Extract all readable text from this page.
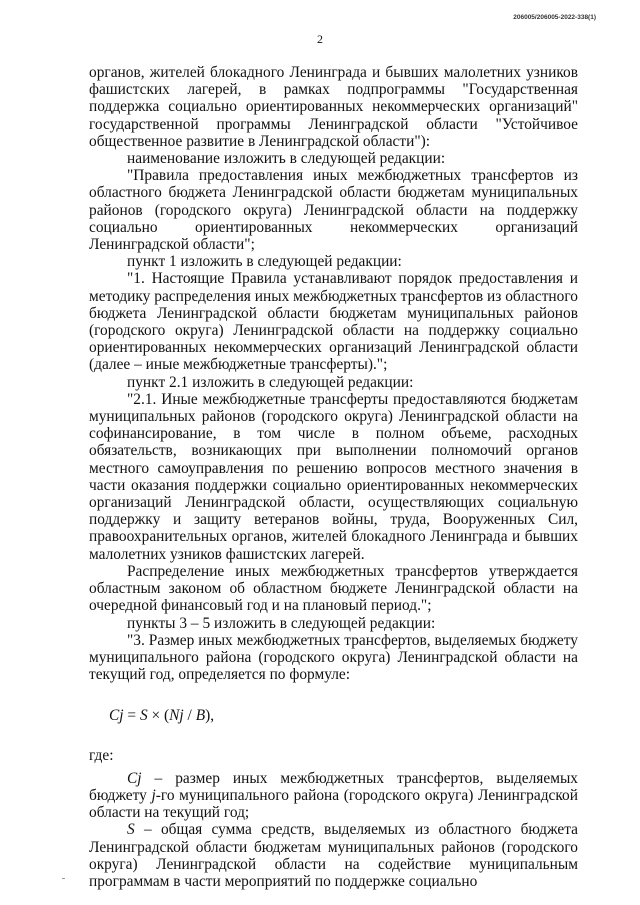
206005/206005-2022-338(1)
2

органов, жителей блокадного Ленинграда и бывших малолетних узников фашистских лагерей, в рамках подпрограммы "Государственная поддержка социально ориентированных некоммерческих организаций" государственной программы Ленинградской области "Устойчивое общественное развитие в Ленинградской области"):

наименование изложить в следующей редакции:

"Правила предоставления иных межбюджетных трансфертов из областного бюджета Ленинградской области бюджетам муниципальных районов (городского округа) Ленинградской области на поддержку социально ориентированных некоммерческих организаций Ленинградской области";

пункт 1 изложить в следующей редакции:

"1. Настоящие Правила устанавливают порядок предоставления и методику распределения иных межбюджетных трансфертов из областного бюджета Ленинградской области бюджетам муниципальных районов (городского округа) Ленинградской области на поддержку социально ориентированных некоммерческих организаций Ленинградской области (далее – иные межбюджетные трансферты).";

пункт 2.1 изложить в следующей редакции:

"2.1. Иные межбюджетные трансферты предоставляются бюджетам муниципальных районов (городского округа) Ленинградской области на софинансирование, в том числе в полном объеме, расходных обязательств, возникающих при выполнении полномочий органов местного самоуправления по решению вопросов местного значения в части оказания поддержки социально ориентированных некоммерческих организаций Ленинградской области, осуществляющих социальную поддержку и защиту ветеранов войны, труда, Вооруженных Сил, правоохранительных органов, жителей блокадного Ленинграда и бывших малолетних узников фашистских лагерей.

Распределение иных межбюджетных трансфертов утверждается областным законом об областном бюджете Ленинградской области на очередной финансовый год и на плановый период.";

пункты 3 – 5 изложить в следующей редакции:

"3. Размер иных межбюджетных трансфертов, выделяемых бюджету муниципального района (городского округа) Ленинградской области на текущий год, определяется по формуле:

Cj = S × (Nj / B),

где:

Cj – размер иных межбюджетных трансфертов, выделяемых бюджету j-го муниципального района (городского округа) Ленинградской области на текущий год;

S – общая сумма средств, выделяемых из областного бюджета Ленинградской области бюджетам муниципальных районов (городского округа) Ленинградской области на содействие муниципальным программам в части мероприятий по поддержке социально
